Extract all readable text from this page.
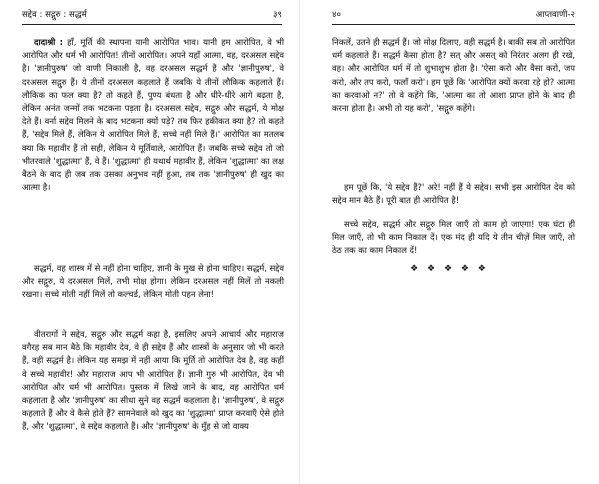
सद्देव : सद्गुरु : सद्धर्म	३९

दादाश्री : हाँ, मूर्ति की स्थापना यानी आरोपित भाव। यानी हम आरोपित, वे भी आरोपित और धर्म भी आरोपित! तीनों आरोपित। अपने यहाँ आत्मा, वह, दरअसल सद्देव है। 'ज्ञानीपुरुष' जो वाणी निकाली है, वह दरअसल सद्धर्म है और 'ज्ञानीपुरुष', वे दरअसल सद्गुरु हैं। ये तीनों दरअसल कहलाते हैं जबकि ये तीनों लौकिक कहलाते हैं। लौकिक का फल क्या है? तो कहते हैं, पुण्य बंधता है और धीरे-धीरे आगे बढ़ता है, लेकिन अनंत जन्मों तक भटकना पड़ता है। दरअसल सद्देव, सद्गुरु और सद्धर्म, ये मोक्ष देते हैं। वर्ना सद्देव मिलने के बाद भटकना क्यों पड़े? तब फिर हकीकत क्या है? तो कहते हैं, 'सद्देव मिले हैं, लेकिन ये आरोपित मिले हैं, सच्चे नहीं मिले हैं।' आरोपित का मतलब क्या कि महावीर हैं तो सही, लेकिन ये मूर्तिवाले, आरोपित हैं। जबकि सच्चे सद्देव तो जो भीतरवाले 'शुद्धात्मा' हैं, वे हैं। 'शुद्धात्मा' ही यथार्थ महावीर हैं, लेकिन 'शुद्धात्मा' का लक्ष बैठने के बाद ही जब तक उसका अनुभव नहीं हुआ, तब तक 'ज्ञानीपुरुष' ही खुद का आत्मा है।

सद्धर्म, वह शास्त्र में से नहीं होना चाहिए, ज्ञानी के मुख से होना चाहिए। सद्धर्म, सद्देव और सद्गुरु, ये दरअसल मिलें, तभी मोक्ष होगा। लेकिन दरअसल नहीं मिलें तो नकली रखना। सच्चे मोती नहीं मिलें तो कल्चर्ड, लेकिन मोती पहन लेना!

वीतरागों ने सद्देव, सद्गुरु और सद्धर्म कहा है, इसलिए अपने आचार्य और महाराज वगैरह सब मान बैठे कि महावीर देव, वे ही सद्देव हैं और शास्त्रों के अनुसार जो भी करते हैं, वही सद्धर्म है। लेकिन यह समझ में नहीं आया कि मूर्ति तो आरोपित देव है, वह कहीं वे सच्चे महावीर! और महाराज आप भी आरोपित हैं। ज्ञानी गुरु भी आरोपित, देव भी आरोपित और धर्म भी आरोपित। पुस्तक में लिखे जाने के बाद, वह आरोपित धर्म कहलाता है और 'ज्ञानीपुरुष' का सीधा सुने वह सद्धर्म कहलाता है। 'ज्ञानीपुरुष', वे सद्गुरु कहलाते हैं और वे कैसे होते हैं? सामनेवाले को खुद का 'शुद्धात्मा' प्राप्त करवाएँ ऐसे होते हैं, और 'शुद्धात्मा', वे सद्देव कहलाते हैं। और 'ज्ञानीपुरुष' के मुँह से जो वाक्य

४०	आप्तवाणी-२

निकलें, उतने ही सद्धर्म हैं। जो मोक्ष दिलाए, वही सद्धर्म है। बाकी सब तो आरोपित धर्म कहलाते हैं। सद्धर्म कैसा होता है? सत् और असत् को निरंतर अलग ही रखे, वह। और आरोपित धर्म में तो शुभाशुभ होता है। 'ऐसा करो और वैसा करो, जप करो, और तप करो, फलाँ करो'। हम पूछें कि 'आरोपित क्यों करवा रहे हो? आत्मा का करवाओ न?' तो वे कहेंगे कि, 'आत्मा का तो आशा प्राप्त होने के बाद ही करना होता है। अभी तो यह करो', 'सद्गुरु कहेंगे।

हम पूछें कि, 'ये सद्देव हैं?' अरे! नहीं हैं ये सद्देव। सभी इस आरोपित देव को सद्देव मान बैठे हैं। पूरी बात ही आरोपित है!

सच्चे सद्देव, सद्धर्म और सद्गुरु मिल जाएँ तो काम हो जाएगा! एक घंटा ही मिल जाएँ, तो भी काम निकाल दें। एक मंद ही यदि ये तीन चीज़ें मिल जाएँ, तो ठेठ तक का काम निकाल दें!

❖ ❖ ❖ ❖ ❖
